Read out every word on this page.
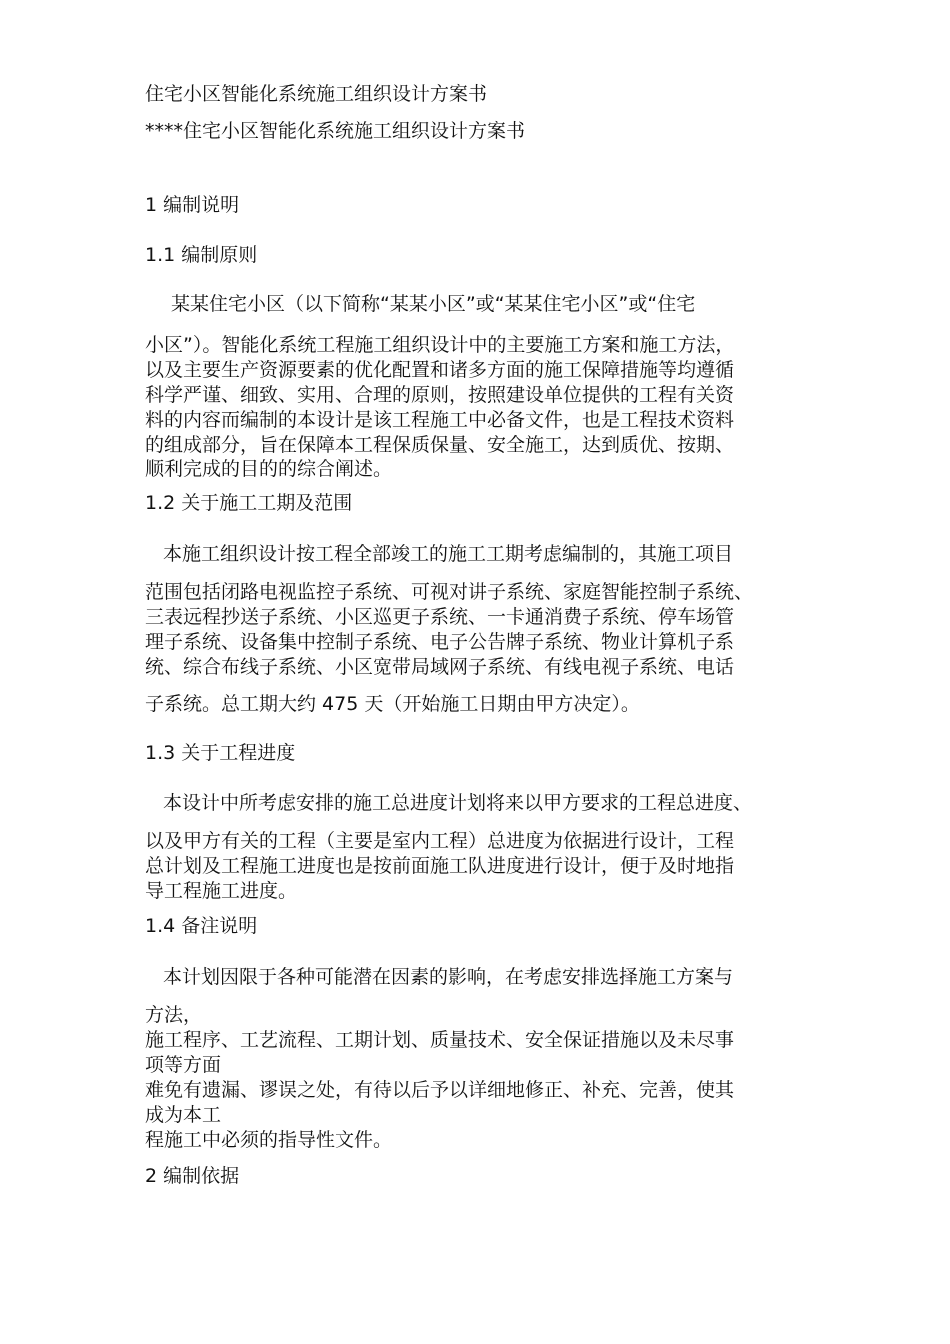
住宅小区智能化系统施工组织设计方案书
****住宅小区智能化系统施工组织设计方案书
1 编制说明
1.1 编制原则
某某住宅小区（以下简称“某某小区”或“某某住宅小区”或“住宅
小区”）。智能化系统工程施工组织设计中的主要施工方案和施工方法，
以及主要生产资源要素的优化配置和诸多方面的施工保障措施等均遵循
科学严谨、细致、实用、合理的原则，按照建设单位提供的工程有关资
料的内容而编制的本设计是该工程施工中必备文件，也是工程技术资料
的组成部分，旨在保障本工程保质保量、安全施工，达到质优、按期、
顺利完成的目的的综合阐述。
1.2 关于施工工期及范围
本施工组织设计按工程全部竣工的施工工期考虑编制的，其施工项目
范围包括闭路电视监控子系统、可视对讲子系统、家庭智能控制子系统、
三表远程抄送子系统、小区巡更子系统、一卡通消费子系统、停车场管
理子系统、设备集中控制子系统、电子公告牌子系统、物业计算机子系
统、综合布线子系统、小区宽带局域网子系统、有线电视子系统、电话
子系统。总工期大约 475 天（开始施工日期由甲方决定）。
1.3 关于工程进度
本设计中所考虑安排的施工总进度计划将来以甲方要求的工程总进度、
以及甲方有关的工程（主要是室内工程）总进度为依据进行设计，工程
总计划及工程施工进度也是按前面施工队进度进行设计，便于及时地指
导工程施工进度。
1.4 备注说明
本计划因限于各种可能潜在因素的影响，在考虑安排选择施工方案与
方法，
施工程序、工艺流程、工期计划、质量技术、安全保证措施以及未尽事
项等方面
难免有遗漏、谬误之处，有待以后予以详细地修正、补充、完善，使其
成为本工
程施工中必须的指导性文件。
2 编制依据
